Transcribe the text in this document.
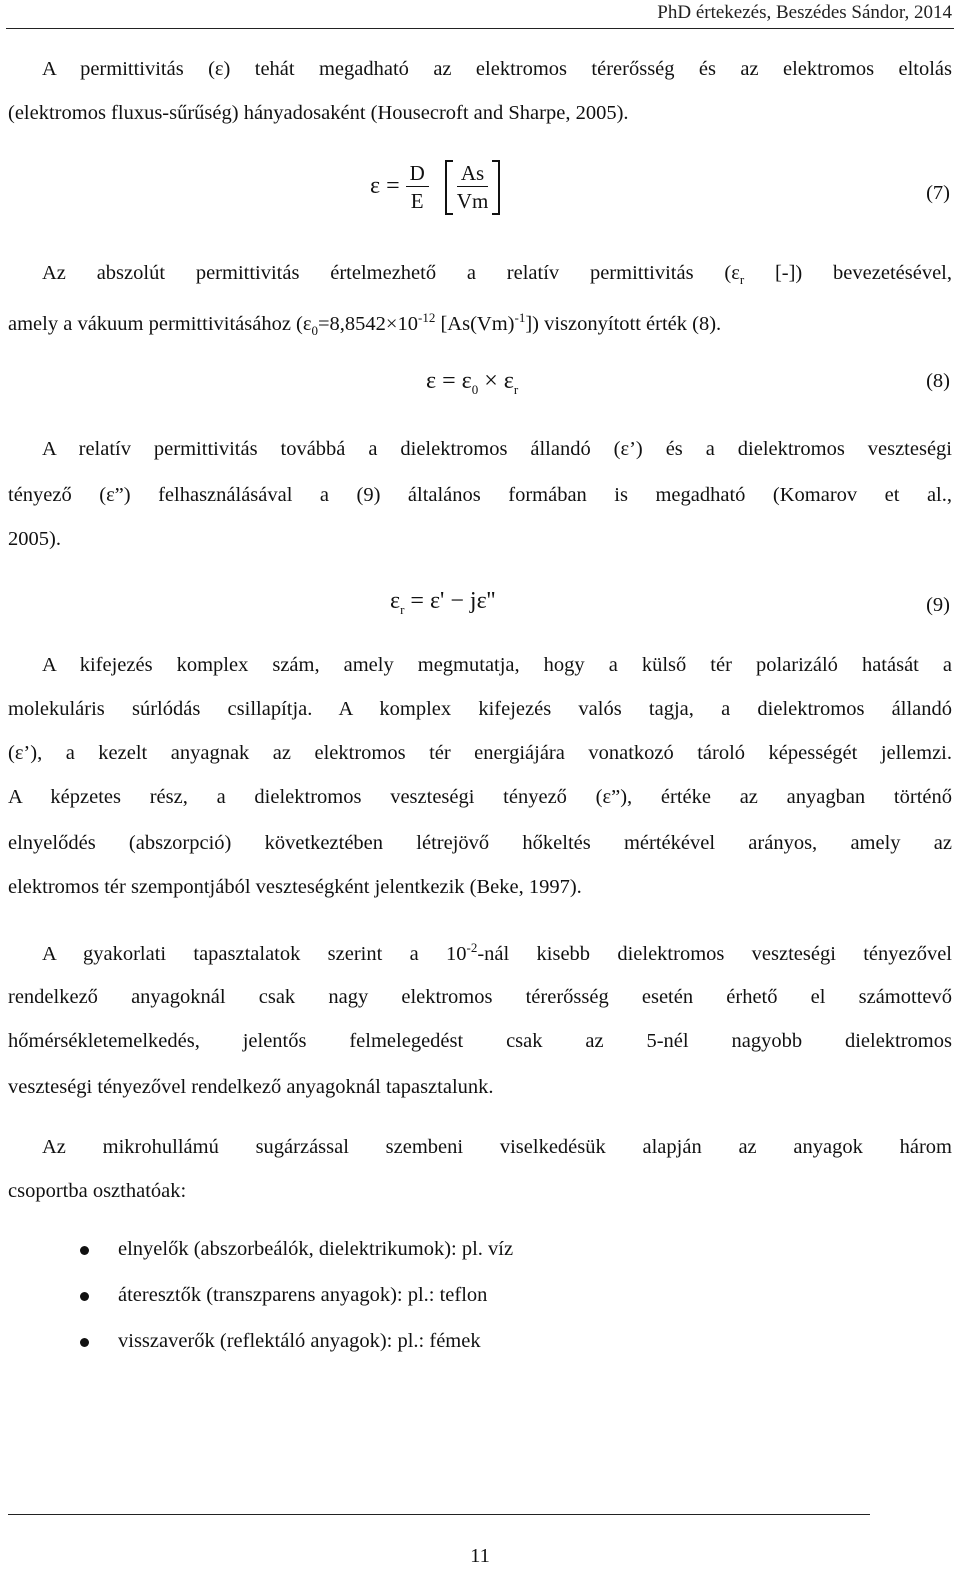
PhD értekezés, Beszédes Sándor, 2014
A permittivitás (ε) tehát megadható az elektromos térerősség és az elektromos eltolás
(elektromos fluxus-sűrűség) hányadosaként (Housecroft and Sharpe, 2005).
$\varepsilon = \frac{D}{E}$
$\frac{As}{Vm}$	(7)
Az abszolút permittivitás értelmezhető a relatív permittivitás ($\varepsilon_r$ [-]) bevezetésével,
amely a vákuum permittivitásához ($\varepsilon_0=8,8542\times 10^{-12}$ $[As(Vm)^{-1}]$) viszonyított érték (8).
$\varepsilon = \varepsilon_0 \times \varepsilon_r$	(8)
A relatív permittivitás továbbá a dielektromos állandó (ε’) és a dielektromos veszteségi
tényező (ε”) felhasználásával a (9) általános formában is megadható (Komarov et al.,
2005).
$\varepsilon_r = \varepsilon' - j\varepsilon''$	(9)
A kifejezés komplex szám, amely megmutatja, hogy a külső tér polarizáló hatását a
molekuláris súrlódás csillapítja. A komplex kifejezés valós tagja, a dielektromos állandó
(ε’), a kezelt anyagnak az elektromos tér energiájára vonatkozó tároló képességét jellemzi.
A képzetes rész, a dielektromos veszteségi tényező (ε”), értéke az anyagban történő
elnyelődés (abszorpció) következtében létrejövő hőkeltés mértékével arányos, amely az
elektromos tér szempontjából veszteségként jelentkezik (Beke, 1997).
A gyakorlati tapasztalatok szerint a $10^{-2}$-nál kisebb dielektromos veszteségi tényezővel
rendelkező anyagoknál csak nagy elektromos térerősség esetén érhető el számottevő
hőmérsékletemelkedés, jelentős felmelegedést csak az 5-nél nagyobb dielektromos
veszteségi tényezővel rendelkező anyagoknál tapasztalunk.
Az mikrohullámú sugárzással szembeni viselkedésük alapján az anyagok három
csoportba oszthatóak:
elnyelők (abszorbeálók, dielektrikumok): pl. víz
áteresztők (transzparens anyagok): pl.: teflon
visszaverők (reflektáló anyagok): pl.: fémek
11
